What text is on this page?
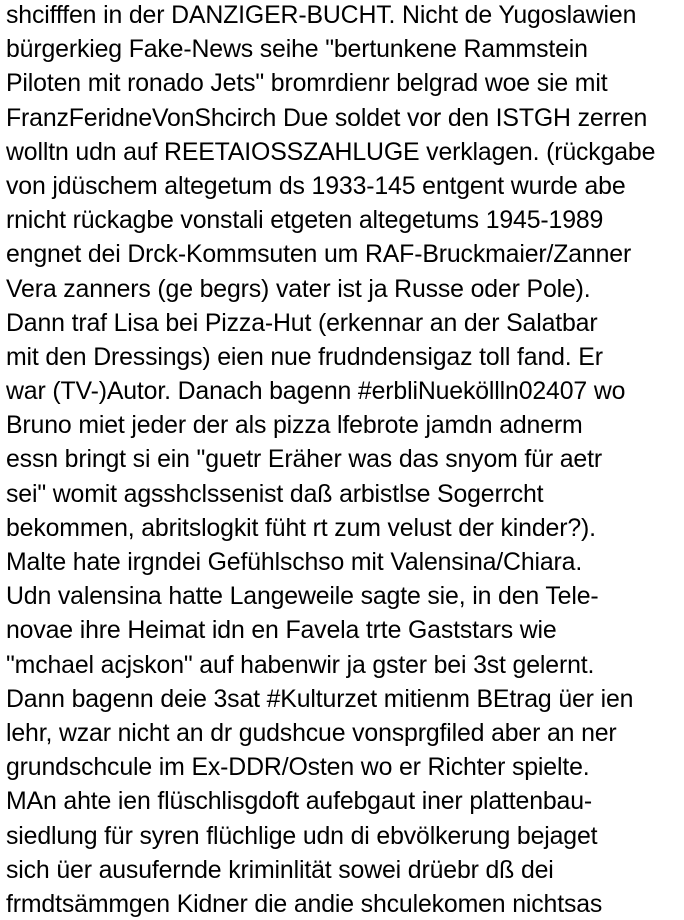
shcifffen in der DANZIGER-BUCHT. Nicht de Yugoslawien
bürgerkieg Fake-News seihe "bertunkene Rammstein
Piloten mit ronado Jets" bromrdienr belgrad woe sie mit
FranzFeridneVonShcirch Due soldet vor den ISTGH zerren
wolltn udn auf REETAIOSSZAHLUGE verklagen. (rückgabe
von jdüschem altegetum ds 1933-145 entgent wurde abe
rnicht rückagbe vonstali etgeten altegetums 1945-1989
engnet dei Drck-Kommsuten um RAF-Bruckmaier/Zanner
Vera zanners (ge begrs) vater ist ja Russe oder Pole).
Dann traf Lisa bei Pizza-Hut (erkennar an der Salatbar
mit den Dressings) eien nue frudndensigaz toll fand. Er
war (TV-)Autor. Danach bagenn #erbliNueköllln02407 wo
Bruno miet jeder der als pizza lfebrote jamdn adnerm
essn bringt si ein "guetr Eräher was das snyom für aetr
sei" womit agsshclssenist daß arbistlse Sogerrcht
bekommen, abritslogkit füht rt zum velust der kinder?).
Malte hate irgndei Gefühlschso mit Valensina/Chiara.
Udn valensina hatte Langeweile sagte sie, in den Tele-
novae ihre Heimat idn en Favela trte Gaststars wie
"mchael acjskon" auf habenwir ja gster bei 3st gelernt.
Dann bagenn deie 3sat #Kulturzet mitienm BEtrag üer ien
lehr, wzar nicht an dr gudshcue vonsprgfiled aber an ner
grundschcule im Ex-DDR/Osten wo er Richter spielte.
MAn ahte ien flüschlisgdoft aufebgaut iner plattenbau-
siedlung für syren flüchlige udn di ebvölkerung bejaget
sich üer ausufernde kriminlität sowei drüebr dß dei
frmdtsämmgen Kidner die andie shculekomen nichtsas
